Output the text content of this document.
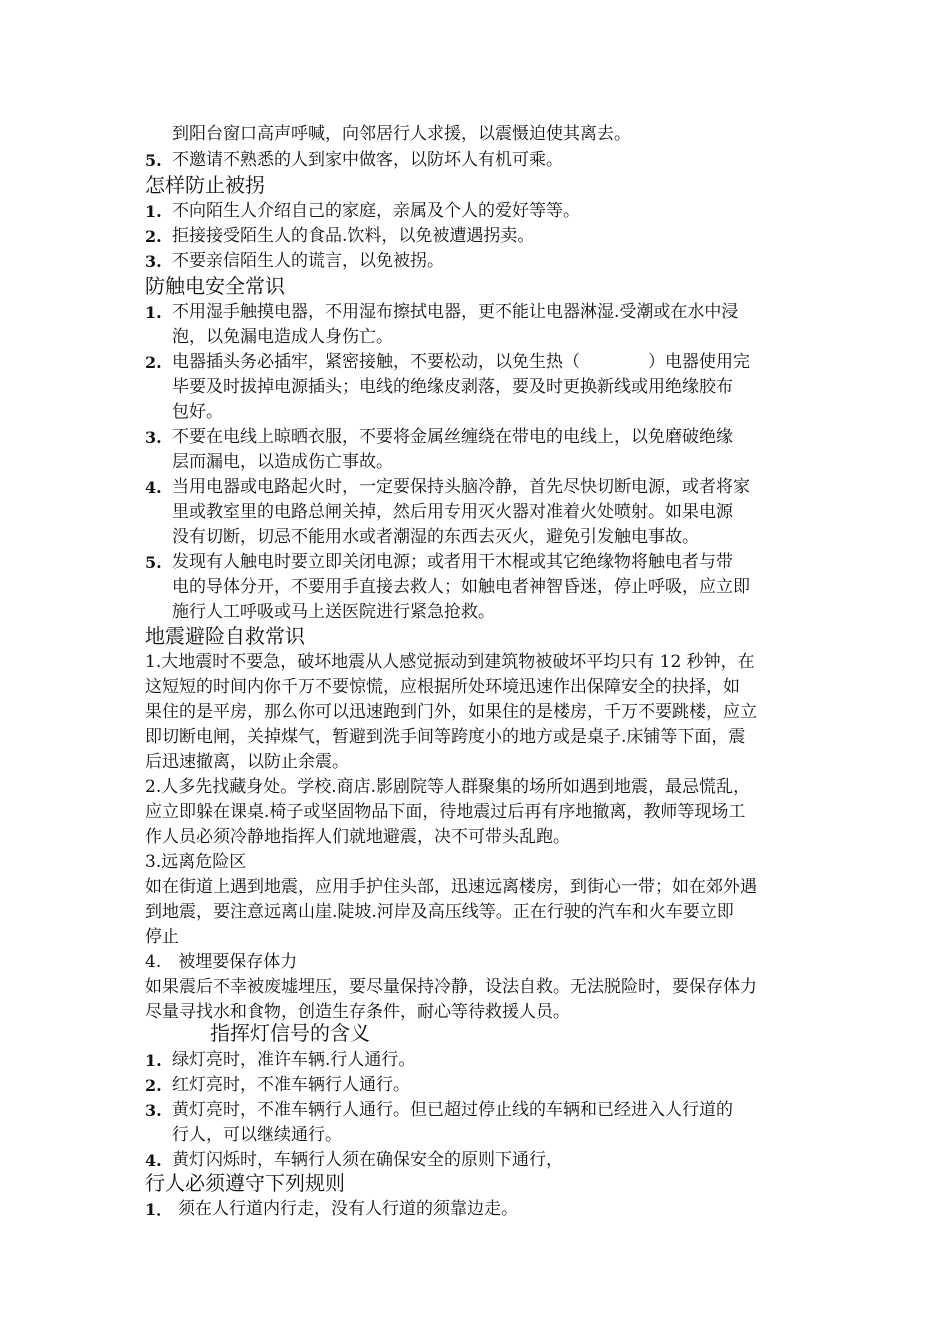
到阳台窗口高声呼喊，向邻居行人求援，以震慑迫使其离去。
5. 不邀请不熟悉的人到家中做客，以防坏人有机可乘。
怎样防止被拐
1. 不向陌生人介绍自己的家庭，亲属及个人的爱好等等。
2. 拒接接受陌生人的食品.饮料，以免被遭遇拐卖。
3. 不要亲信陌生人的谎言，以免被拐。
防触电安全常识
1. 不用湿手触摸电器，不用湿布擦拭电器，更不能让电器淋湿.受潮或在水中浸
泡，以免漏电造成人身伤亡。
2. 电器插头务必插牢，紧密接触，不要松动，以免生热（　　　　）电器使用完
毕要及时拔掉电源插头；电线的绝缘皮剥落，要及时更换新线或用绝缘胶布
包好。
3. 不要在电线上晾晒衣服，不要将金属丝缠绕在带电的电线上，以免磨破绝缘
层而漏电，以造成伤亡事故。
4. 当用电器或电路起火时，一定要保持头脑冷静，首先尽快切断电源，或者将家
里或教室里的电路总闸关掉，然后用专用灭火器对准着火处喷射。如果电源
没有切断，切忌不能用水或者潮湿的东西去灭火，避免引发触电事故。
5. 发现有人触电时要立即关闭电源；或者用干木棍或其它绝缘物将触电者与带
电的导体分开，不要用手直接去救人；如触电者神智昏迷，停止呼吸，应立即
施行人工呼吸或马上送医院进行紧急抢救。
地震避险自救常识
1.大地震时不要急，破坏地震从人感觉振动到建筑物被破坏平均只有 12 秒钟，在
这短短的时间内你千万不要惊慌，应根据所处环境迅速作出保障安全的抉择，如
果住的是平房，那么你可以迅速跑到门外，如果住的是楼房，千万不要跳楼，应立
即切断电闸，关掉煤气，暂避到洗手间等跨度小的地方或是桌子.床铺等下面，震
后迅速撤离，以防止余震。
2.人多先找藏身处。学校.商店.影剧院等人群聚集的场所如遇到地震，最忌慌乱，
应立即躲在课桌.椅子或坚固物品下面，待地震过后再有序地撤离，教师等现场工
作人员必须冷静地指挥人们就地避震，决不可带头乱跑。
3.远离危险区
如在街道上遇到地震，应用手护住头部，迅速远离楼房，到街心一带；如在郊外遇
到地震，要注意远离山崖.陡坡.河岸及高压线等。正在行驶的汽车和火车要立即
停止
4.　被埋要保存体力
如果震后不幸被废墟埋压，要尽量保持冷静，设法自救。无法脱险时，要保存体力
尽量寻找水和食物，创造生存条件，耐心等待救援人员。
指挥灯信号的含义
1. 绿灯亮时，准许车辆.行人通行。
2. 红灯亮时，不准车辆行人通行。
3. 黄灯亮时，不准车辆行人通行。但已超过停止线的车辆和已经进入人行道的
行人，可以继续通行。
4. 黄灯闪烁时，车辆行人须在确保安全的原则下通行，
行人必须遵守下列规则
1． 须在人行道内行走，没有人行道的须靠边走。
